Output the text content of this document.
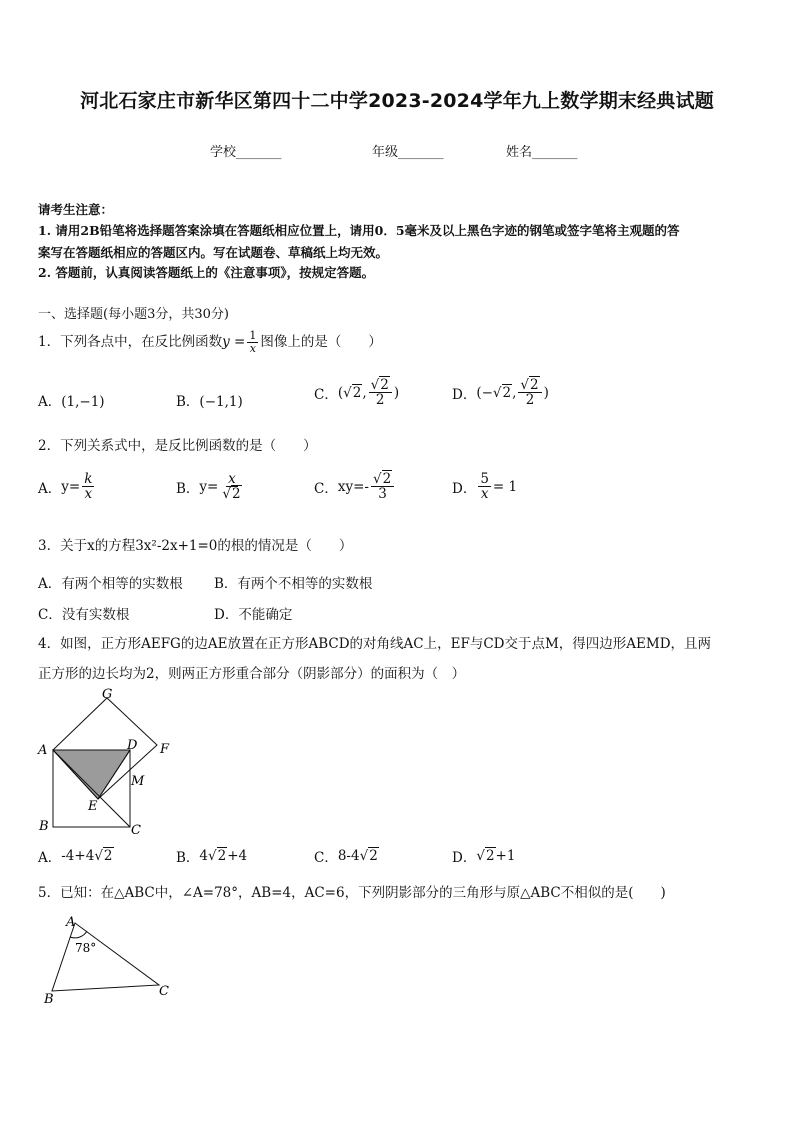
河北石家庄市新华区第四十二中学2023-2024学年九上数学期末经典试题
学校_______	年级_______	姓名_______
请考生注意：
1. 请用2B铅笔将选择题答案涂填在答题纸相应位置上，请用0．5毫米及以上黑色字迹的钢笔或签字笔将主观题的答
案写在答题纸相应的答题区内。写在试题卷、草稿纸上均无效。
2. 答题前，认真阅读答题纸上的《注意事项》，按规定答题。
一、选择题(每小题3分，共30分)
1．下列各点中，在反比例函数 $y = \frac{1}{x}$ 图像上的是（　　）
A．(1,−1)	B．(−1,1)	C． ( √2 , $\frac{√2}{2}$ )	D． (− √2 , $\frac{√2}{2}$ )
2．下列关系式中，是反比例函数的是（　　）
A． $y= \frac{k}{x}$	B． $y= \frac{x}{√2}$	C． $xy=- \frac{√2}{3}$	D． $\frac{5}{x} = 1$
3．关于x的方程3x²-2x+1=0的根的情况是（　　）
A．有两个相等的实数根 B．有两个不相等的实数根
C．没有实数根	D．不能确定
4．如图，正方形AEFG的边AE放置在正方形ABCD的对角线AC上，EF与CD交于点M，得四边形AEMD，且两
正方形的边长均为2，则两正方形重合部分（阴影部分）的面积为（　）
G
A	D F
M
E
B	C
A． -4+4 √2	B． 4 √2 +4	C． 8-4 √2	D． √2 +1
5．已知：在△ABC中，∠A=78°，AB=4，AC=6，下列阴影部分的三角形与原△ABC不相似的是(　　)
A
78°
B
C
